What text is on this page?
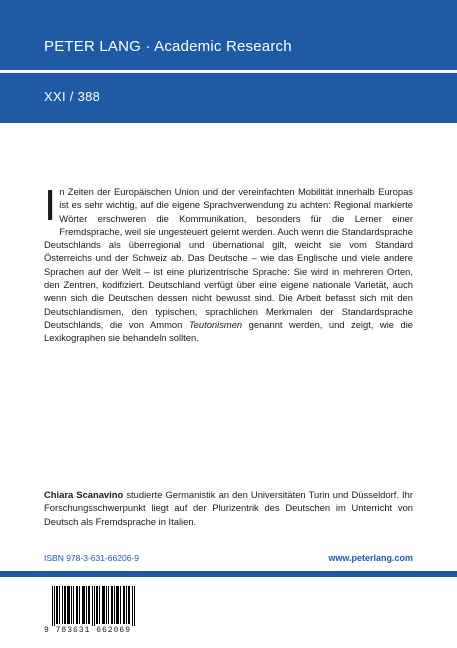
PETER LANG · Academic Research
XXI / 388
In Zeiten der Europäischen Union und der vereinfachten Mobilität innerhalb Europas ist es sehr wichtig, auf die eigene Sprachverwendung zu achten: Regional markierte Wörter erschweren die Kommunikation, besonders für die Lerner einer Fremdsprache, weil sie ungesteuert gelernt werden. Auch wenn die Standardsprache Deutschlands als überregional und übernational gilt, weicht sie vom Standard Österreichs und der Schweiz ab. Das Deutsche – wie das Englische und viele andere Sprachen auf der Welt – ist eine plurizentrische Sprache: Sie wird in mehreren Orten, den Zentren, kodifiziert. Deutschland verfügt über eine eigene nationale Varietät, auch wenn sich die Deutschen dessen nicht bewusst sind. Die Arbeit befasst sich mit den Deutschlandismen, den typischen, sprachlichen Merkmalen der Standardsprache Deutschlands, die von Ammon Teutonismen genannt werden, und zeigt, wie die Lexikographen sie behandeln sollten.
Chiara Scanavino studierte Germanistik an den Universitäten Turin und Düsseldorf. Ihr Forschungsschwerpunkt liegt auf der Plurizentrik des Deutschen im Unterricht von Deutsch als Fremdsprache in Italien.
ISBN 978-3-631-66206-9	www.peterlang.com
9 783631 662069
